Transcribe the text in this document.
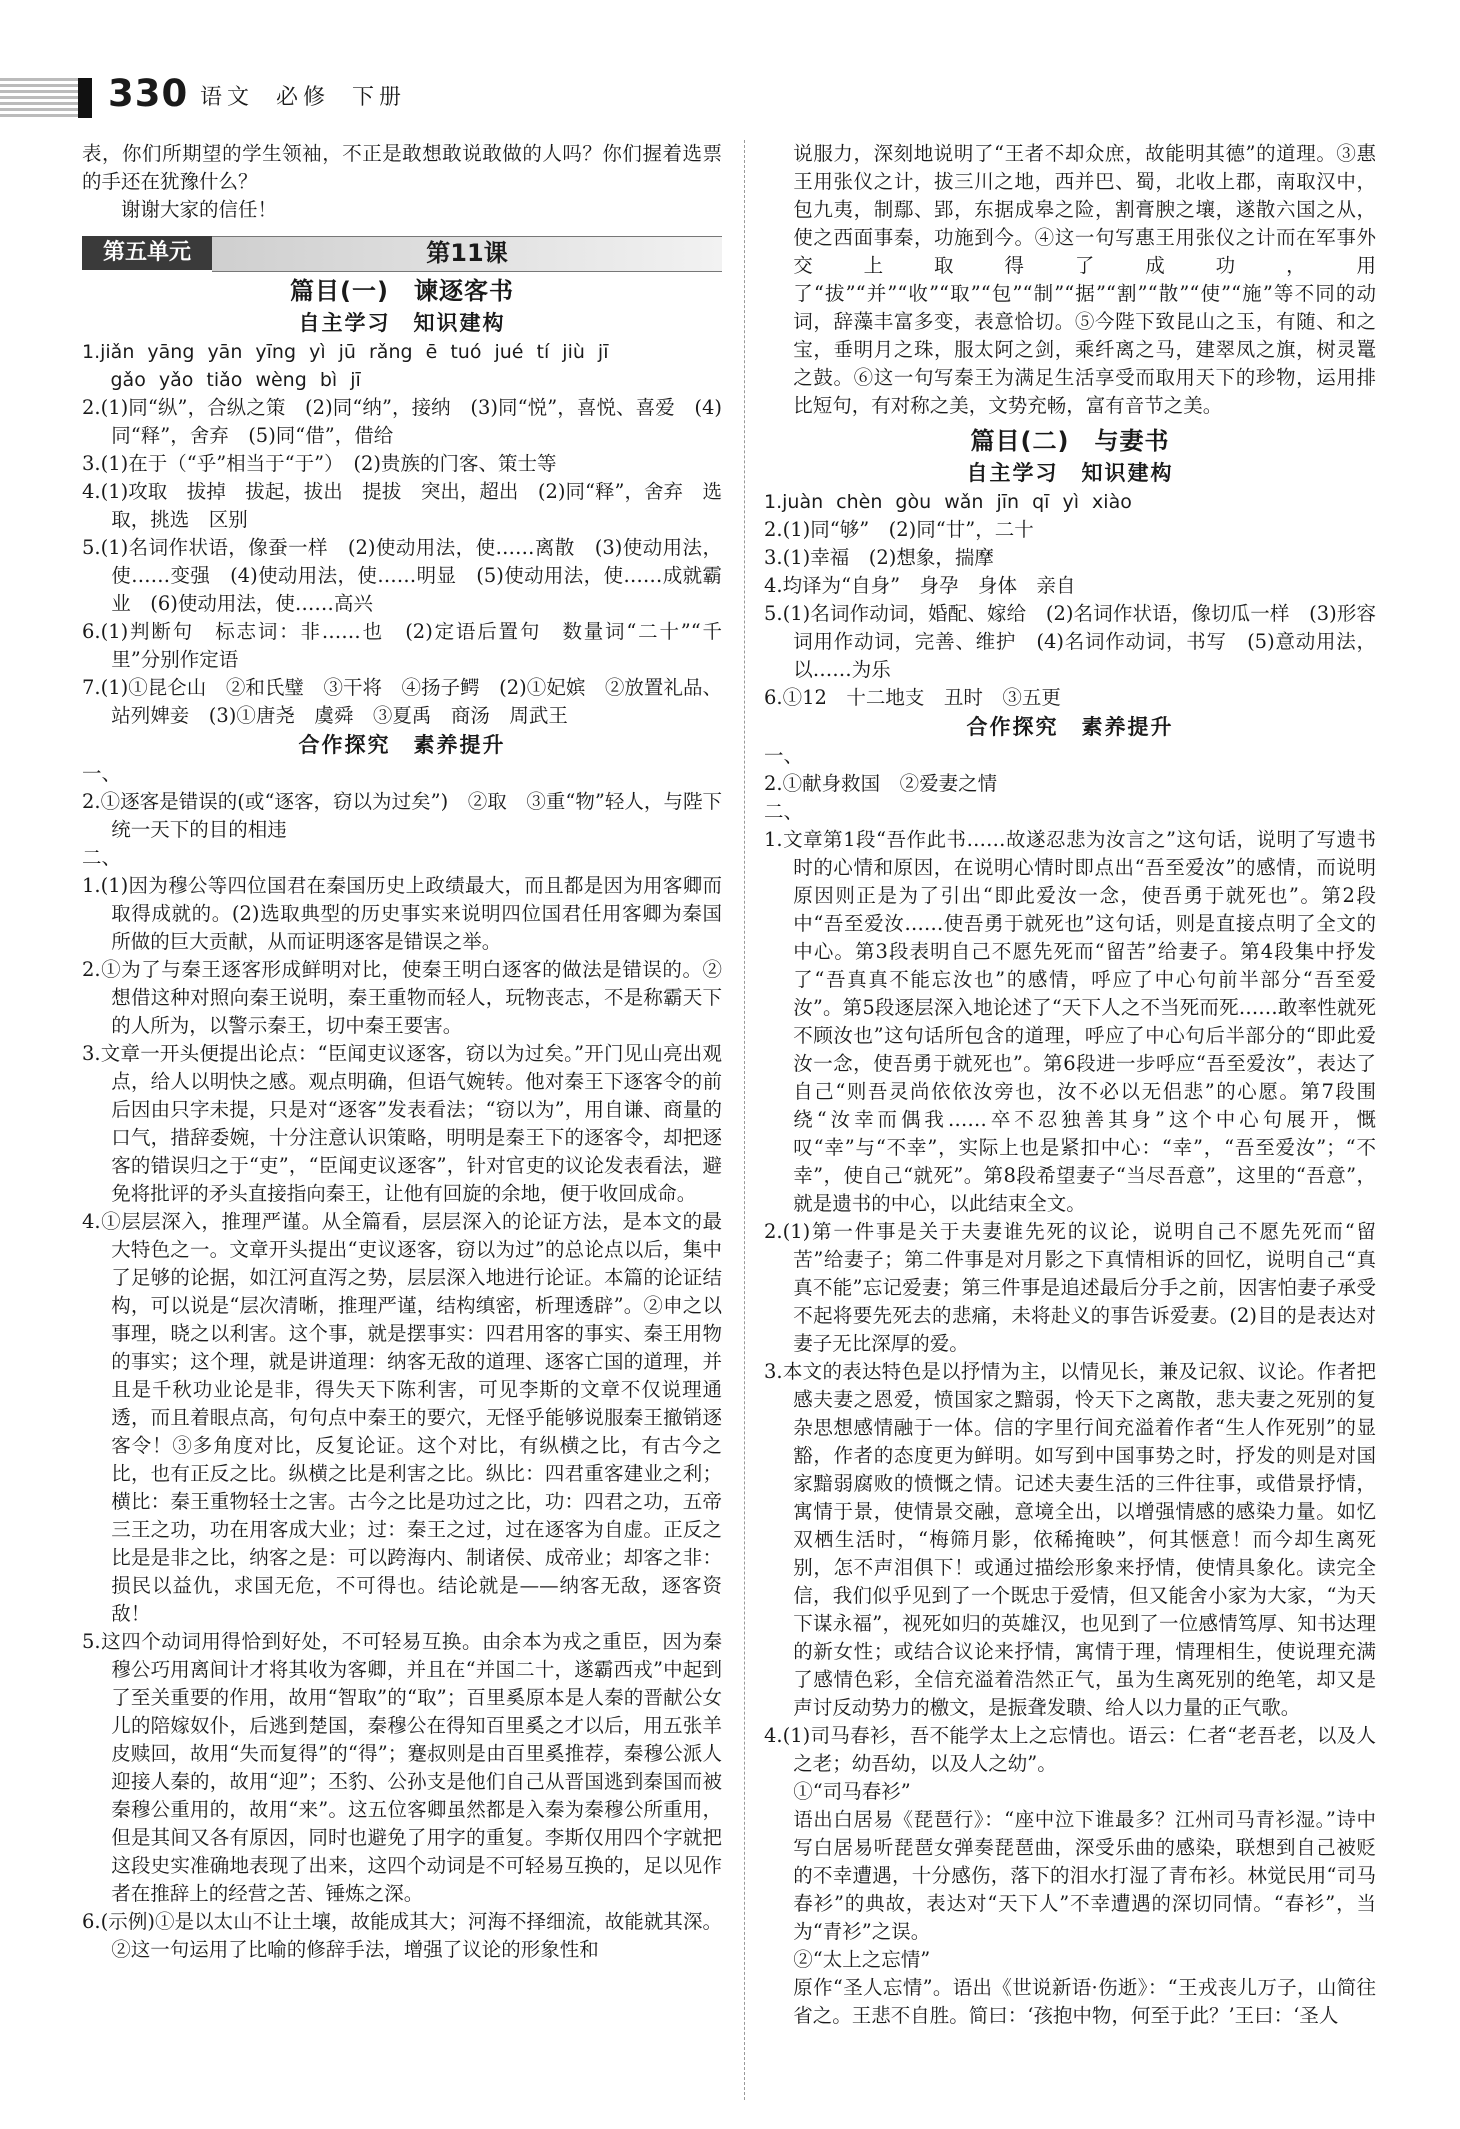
330 语文 必修 下册

表，你们所期望的学生领袖，不正是敢想敢说敢做的人吗？你们握着选票的手还在犹豫什么？

谢谢大家的信任！

第五单元	第11课
篇目(一)　谏逐客书
自主学习　知识建构

1.jiǎn yāng yān yīng yì jū rǎng ē tuó jué tí jiù jī

gǎo yǎo tiǎo wèng bì jī

2.(1)同“纵”，合纵之策　(2)同“纳”，接纳　(3)同“悦”，喜悦、喜爱　(4)同“释”，舍弃　(5)同“借”，借给

3.(1)在于（“乎”相当于“于”）　(2)贵族的门客、策士等

4.(1)攻取　拔掉　拔起，拔出　提拔　突出，超出　(2)同“释”，舍弃　选取，挑选　区别

5.(1)名词作状语，像蚕一样　(2)使动用法，使……离散　(3)使动用法，使……变强　(4)使动用法，使……明显　(5)使动用法，使……成就霸业　(6)使动用法，使……高兴

6.(1)判断句　标志词：非……也　(2)定语后置句　数量词“二十”“千里”分别作定语

7.(1)①昆仑山　②和氏璧　③干将　④扬子鳄　(2)①妃嫔　②放置礼品、站列婢妾　(3)①唐尧　虞舜　③夏禹　商汤　周武王

合作探究　素养提升

一、

2.①逐客是错误的(或“逐客，窃以为过矣”)　②取　③重“物”轻人，与陛下统一天下的目的相违

二、

1.(1)因为穆公等四位国君在秦国历史上政绩最大，而且都是因为用客卿而取得成就的。(2)选取典型的历史事实来说明四位国君任用客卿为秦国所做的巨大贡献，从而证明逐客是错误之举。

2.①为了与秦王逐客形成鲜明对比，使秦王明白逐客的做法是错误的。②想借这种对照向秦王说明，秦王重物而轻人，玩物丧志，不是称霸天下的人所为，以警示秦王，切中秦王要害。

3.文章一开头便提出论点：“臣闻吏议逐客，窃以为过矣。”开门见山亮出观点，给人以明快之感。观点明确，但语气婉转。他对秦王下逐客令的前后因由只字未提，只是对“逐客”发表看法；“窃以为”，用自谦、商量的口气，措辞委婉，十分注意认识策略，明明是秦王下的逐客令，却把逐客的错误归之于“吏”，“臣闻吏议逐客”，针对官吏的议论发表看法，避免将批评的矛头直接指向秦王，让他有回旋的余地，便于收回成命。

4.①层层深入，推理严谨。从全篇看，层层深入的论证方法，是本文的最大特色之一。文章开头提出“吏议逐客，窃以为过”的总论点以后，集中了足够的论据，如江河直泻之势，层层深入地进行论证。本篇的论证结构，可以说是“层次清晰，推理严谨，结构缜密，析理透辟”。②申之以事理，晓之以利害。这个事，就是摆事实：四君用客的事实、秦王用物的事实；这个理，就是讲道理：纳客无敌的道理、逐客亡国的道理，并且是千秋功业论是非，得失天下陈利害，可见李斯的文章不仅说理通透，而且着眼点高，句句点中秦王的要穴，无怪乎能够说服秦王撤销逐客令！③多角度对比，反复论证。这个对比，有纵横之比，有古今之比，也有正反之比。纵横之比是利害之比。纵比：四君重客建业之利；横比：秦王重物轻士之害。古今之比是功过之比，功：四君之功，五帝三王之功，功在用客成大业；过：秦王之过，过在逐客为自虚。正反之比是是非之比，纳客之是：可以跨海内、制诸侯、成帝业；却客之非：损民以益仇，求国无危，不可得也。结论就是——纳客无敌，逐客资敌！

5.这四个动词用得恰到好处，不可轻易互换。由余本为戎之重臣，因为秦穆公巧用离间计才将其收为客卿，并且在“并国二十，遂霸西戎”中起到了至关重要的作用，故用“智取”的“取”；百里奚原本是人秦的晋献公女儿的陪嫁奴仆，后逃到楚国，秦穆公在得知百里奚之才以后，用五张羊皮赎回，故用“失而复得”的“得”；蹇叔则是由百里奚推荐，秦穆公派人迎接人秦的，故用“迎”；丕豹、公孙支是他们自己从晋国逃到秦国而被秦穆公重用的，故用“来”。这五位客卿虽然都是入秦为秦穆公所重用，但是其间又各有原因，同时也避免了用字的重复。李斯仅用四个字就把这段史实准确地表现了出来，这四个动词是不可轻易互换的，足以见作者在推辞上的经营之苦、锤炼之深。

6.(示例)①是以太山不让土壤，故能成其大；河海不择细流，故能就其深。②这一句运用了比喻的修辞手法，增强了议论的形象性和

说服力，深刻地说明了“王者不却众庶，故能明其德”的道理。③惠王用张仪之计，拔三川之地，西并巴、蜀，北收上郡，南取汉中，包九夷，制鄢、郢，东据成皋之险，割膏腴之壤，遂散六国之从，使之西面事秦，功施到今。④这一句写惠王用张仪之计而在军事外交上取得了成功，用了“拔”“并”“收”“取”“包”“制”“据”“割”“散”“使”“施”等不同的动词，辞藻丰富多变，表意恰切。⑤今陛下致昆山之玉，有随、和之宝，垂明月之珠，服太阿之剑，乘纤离之马，建翠凤之旗，树灵鼍之鼓。⑥这一句写秦王为满足生活享受而取用天下的珍物，运用排比短句，有对称之美，文势充畅，富有音节之美。

篇目(二)　与妻书
自主学习　知识建构

1.juàn chèn gòu wǎn jīn qī yì xiào

2.(1)同“够”　(2)同“廿”，二十

3.(1)幸福　(2)想象，揣摩

4.均译为“自身”　身孕　身体　亲自

5.(1)名词作动词，婚配、嫁给　(2)名词作状语，像切瓜一样　(3)形容词用作动词，完善、维护　(4)名词作动词，书写　(5)意动用法，以……为乐

6.①12　十二地支　丑时　③五更

合作探究　素养提升

一、

2.①献身救国　②爱妻之情

二、

1.文章第1段“吾作此书……故遂忍悲为汝言之”这句话，说明了写遗书时的心情和原因，在说明心情时即点出“吾至爱汝”的感情，而说明原因则正是为了引出“即此爱汝一念，使吾勇于就死也”。第2段中“吾至爱汝……使吾勇于就死也”这句话，则是直接点明了全文的中心。第3段表明自己不愿先死而“留苦”给妻子。第4段集中抒发了“吾真真不能忘汝也”的感情，呼应了中心句前半部分“吾至爱汝”。第5段逐层深入地论述了“天下人之不当死而死……敢率性就死不顾汝也”这句话所包含的道理，呼应了中心句后半部分的“即此爱汝一念，使吾勇于就死也”。第6段进一步呼应“吾至爱汝”，表达了自己“则吾灵尚依依汝旁也，汝不必以无侣悲”的心愿。第7段围绕“汝幸而偶我……卒不忍独善其身”这个中心句展开，慨叹“幸”与“不幸”，实际上也是紧扣中心：“幸”，“吾至爱汝”；“不幸”，使自己“就死”。第8段希望妻子“当尽吾意”，这里的“吾意”，就是遗书的中心，以此结束全文。

2.(1)第一件事是关于夫妻谁先死的议论，说明自己不愿先死而“留苦”给妻子；第二件事是对月影之下真情相诉的回忆，说明自己“真真不能”忘记爱妻；第三件事是追述最后分手之前，因害怕妻子承受不起将要先死去的悲痛，未将赴义的事告诉爱妻。(2)目的是表达对妻子无比深厚的爱。

3.本文的表达特色是以抒情为主，以情见长，兼及记叙、议论。作者把感夫妻之恩爱，愤国家之黯弱，怜天下之离散，悲夫妻之死别的复杂思想感情融于一体。信的字里行间充溢着作者“生人作死别”的显豁，作者的态度更为鲜明。如写到中国事势之时，抒发的则是对国家黯弱腐败的愤慨之情。记述夫妻生活的三件往事，或借景抒情，寓情于景，使情景交融，意境全出，以增强情感的感染力量。如忆双栖生活时，“梅筛月影，依稀掩映”，何其惬意！而今却生离死别，怎不声泪俱下！或通过描绘形象来抒情，使情具象化。读完全信，我们似乎见到了一个既忠于爱情，但又能舍小家为大家，“为天下谋永福”，视死如归的英雄汉，也见到了一位感情笃厚、知书达理的新女性；或结合议论来抒情，寓情于理，情理相生，使说理充满了感情色彩，全信充溢着浩然正气，虽为生离死别的绝笔，却又是声讨反动势力的檄文，是振聋发聩、给人以力量的正气歌。

4.(1)司马春衫，吾不能学太上之忘情也。语云：仁者“老吾老，以及人之老；幼吾幼，以及人之幼”。

①“司马春衫”

语出白居易《琵琶行》：“座中泣下谁最多？江州司马青衫湿。”诗中写白居易听琵琶女弹奏琵琶曲，深受乐曲的感染，联想到自己被贬的不幸遭遇，十分感伤，落下的泪水打湿了青布衫。林觉民用“司马春衫”的典故，表达对“天下人”不幸遭遇的深切同情。“春衫”，当为“青衫”之误。

②“太上之忘情”

原作“圣人忘情”。语出《世说新语·伤逝》：“王戎丧儿万子，山简往省之。王悲不自胜。简曰：‘孩抱中物，何至于此？’王曰：‘圣人
